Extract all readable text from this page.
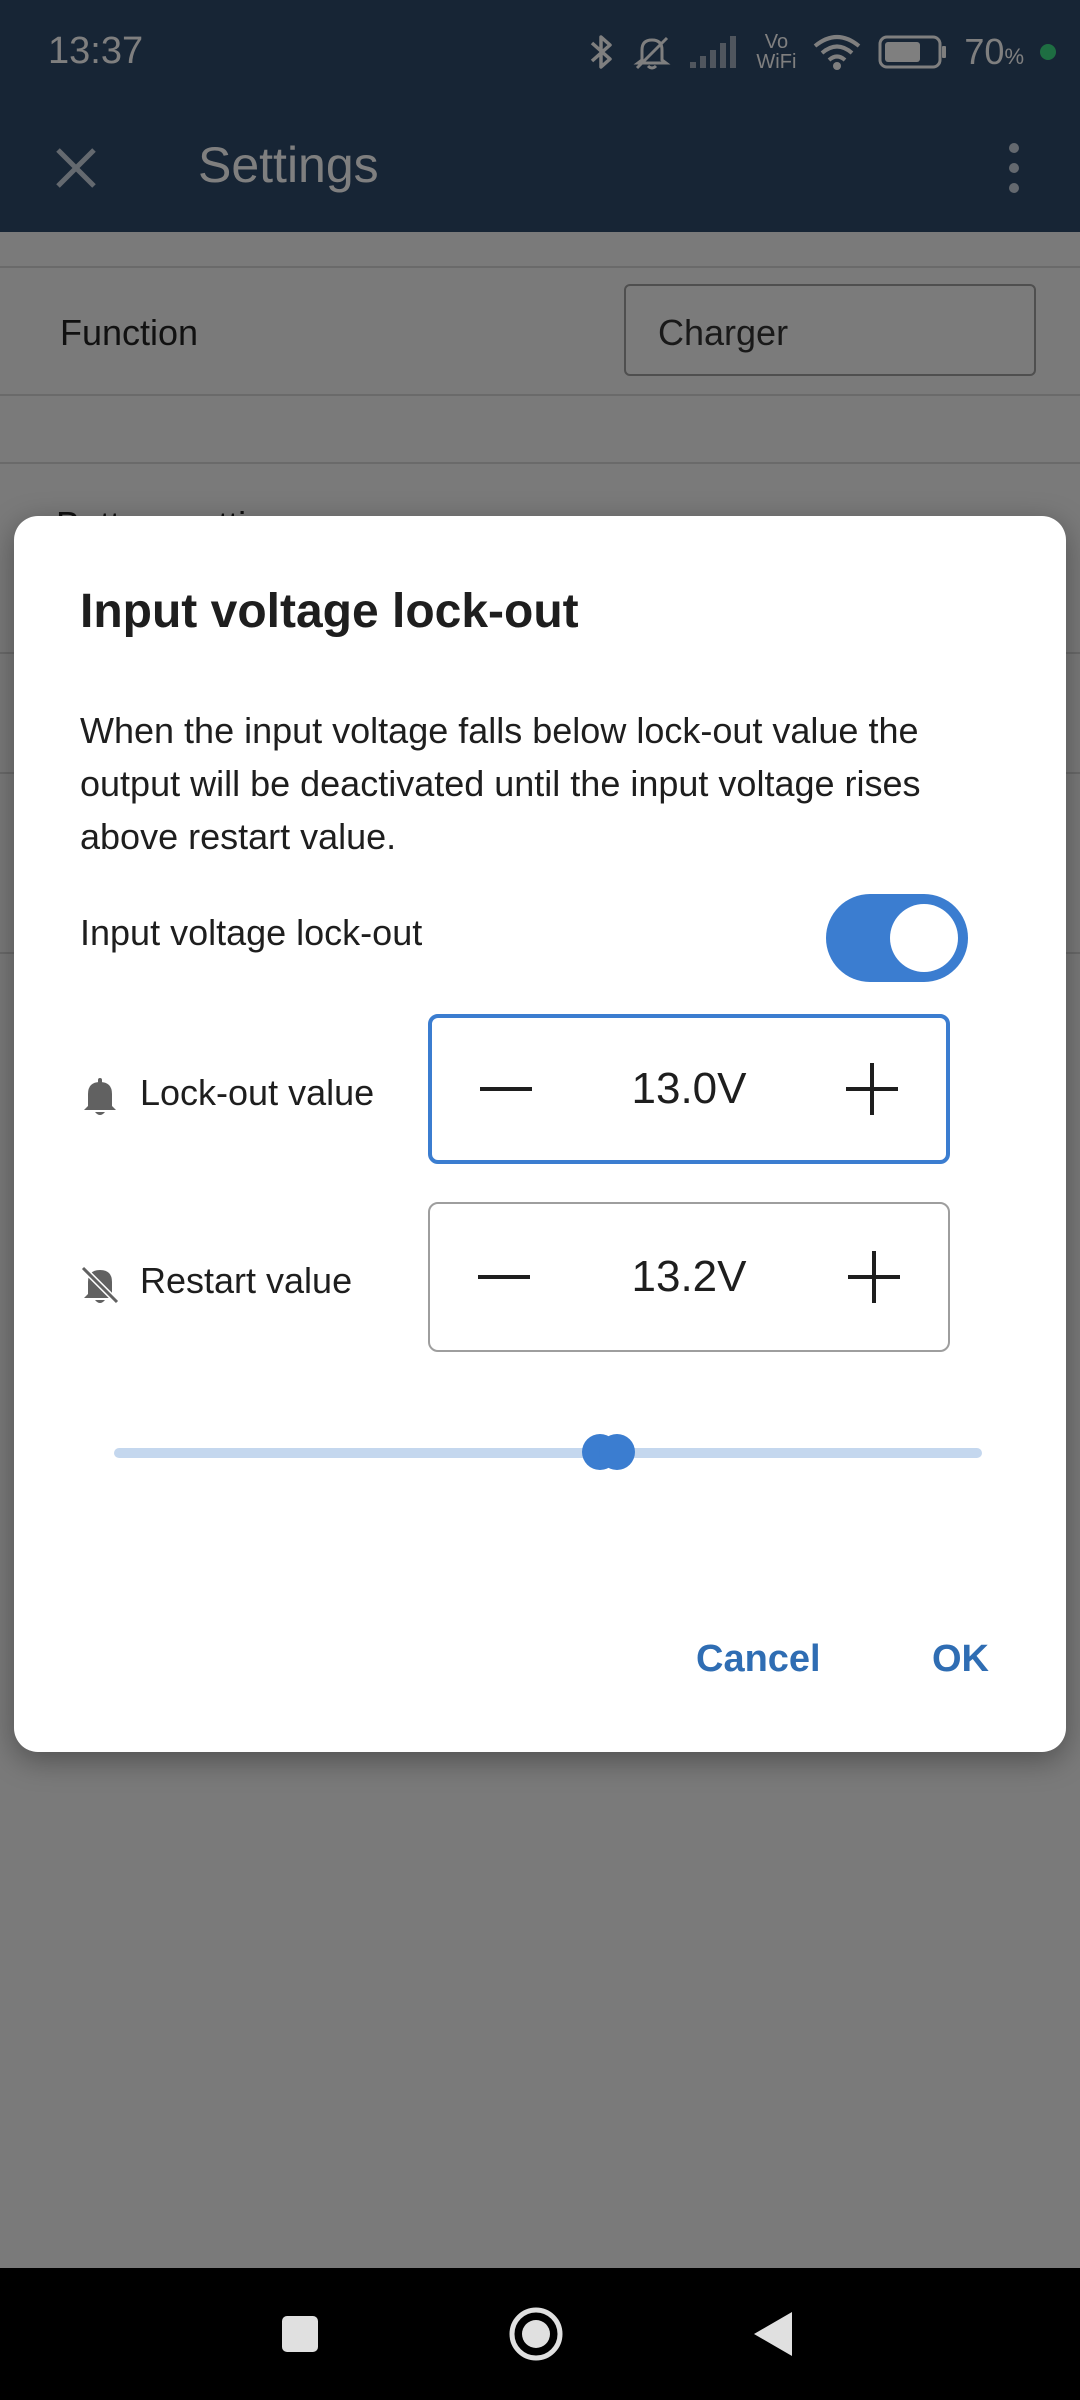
Input voltage lock-out
When the input voltage falls below lock-out value the output will be deactivated until the input voltage rises above restart value.
Input voltage lock-out
Lock-out value	13.0V
Restart value	13.2V
Cancel	OK
